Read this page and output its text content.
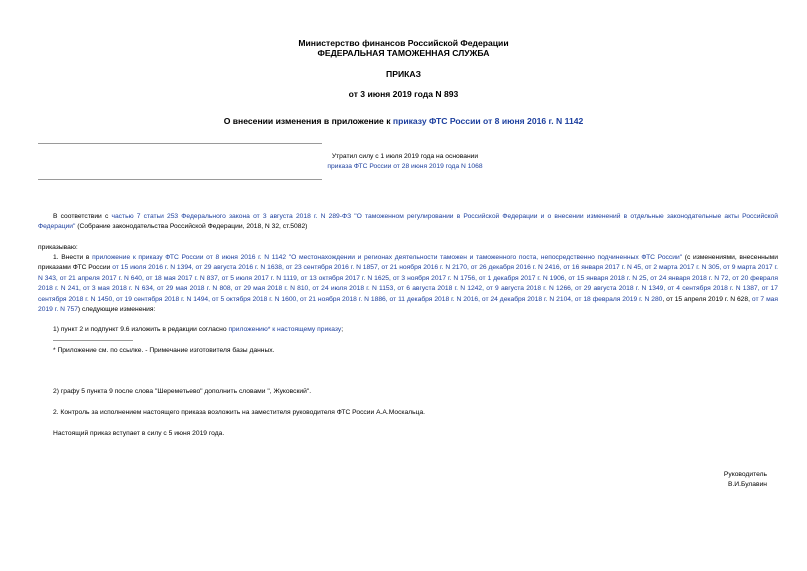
Министерство финансов Российской Федерации
ФЕДЕРАЛЬНАЯ ТАМОЖЕННАЯ СЛУЖБА
ПРИКАЗ
от 3 июня 2019 года N 893
О внесении изменения в приложение к приказу ФТС России от 8 июня 2016 г. N 1142
Утратил силу с 1 июля 2019 года на основании
приказа ФТС России от 28 июня 2019 года N 1068
В соответствии с частью 7 статьи 253 Федерального закона от 3 августа 2018 г. N 289-ФЗ "О таможенном регулировании в Российской Федерации и о внесении изменений в отдельные законодательные акты Российской Федерации" (Собрание законодательства Российской Федерации, 2018, N 32, ст.5082)
приказываю:
1. Внести в приложение к приказу ФТС России от 8 июня 2016 г. N 1142 "О местонахождении и регионах деятельности таможен и таможенного поста, непосредственно подчиненных ФТС России" (с изменениями, внесенными приказами ФТС России от 15 июля 2016 г. N 1394, от 29 августа 2016 г. N 1638, от 23 сентября 2016 г. N 1857, от 21 ноября 2016 г. N 2170, от 26 декабря 2016 г. N 2416, от 16 января 2017 г. N 45, от 2 марта 2017 г. N 305, от 9 марта 2017 г. N 343, от 21 апреля 2017 г. N 640, от 18 мая 2017 г. N 837, от 5 июля 2017 г. N 1119, от 13 октября 2017 г. N 1625, от 3 ноября 2017 г. N 1756, от 1 декабря 2017 г. N 1906, от 15 января 2018 г. N 25, от 24 января 2018 г. N 72, от 20 февраля 2018 г. N 241, от 3 мая 2018 г. N 634, от 29 мая 2018 г. N 808, от 29 мая 2018 г. N 810, от 24 июля 2018 г. N 1153, от 6 августа 2018 г. N 1242, от 9 августа 2018 г. N 1266, от 29 августа 2018 г. N 1349, от 4 сентября 2018 г. N 1387, от 17 сентября 2018 г. N 1450, от 19 сентября 2018 г. N 1494, от 5 октября 2018 г. N 1600, от 21 ноября 2018 г. N 1886, от 11 декабря 2018 г. N 2016, от 24 декабря 2018 г. N 2104, от 18 февраля 2019 г. N 280, от 15 апреля 2019 г. N 628, от 7 мая 2019 г. N 757) следующие изменения:
1) пункт 2 и подпункт 9.6 изложить в редакции согласно приложению* к настоящему приказу;
* Приложение см. по ссылке. - Примечание изготовителя базы данных.
2) графу 5 пункта 9 после слова "Шереметьево" дополнить словами ", Жуковский".
2. Контроль за исполнением настоящего приказа возложить на заместителя руководителя ФТС России А.А.Москальца.
Настоящий приказ вступает в силу с 5 июня 2019 года.
Руководитель
В.И.Булавин
